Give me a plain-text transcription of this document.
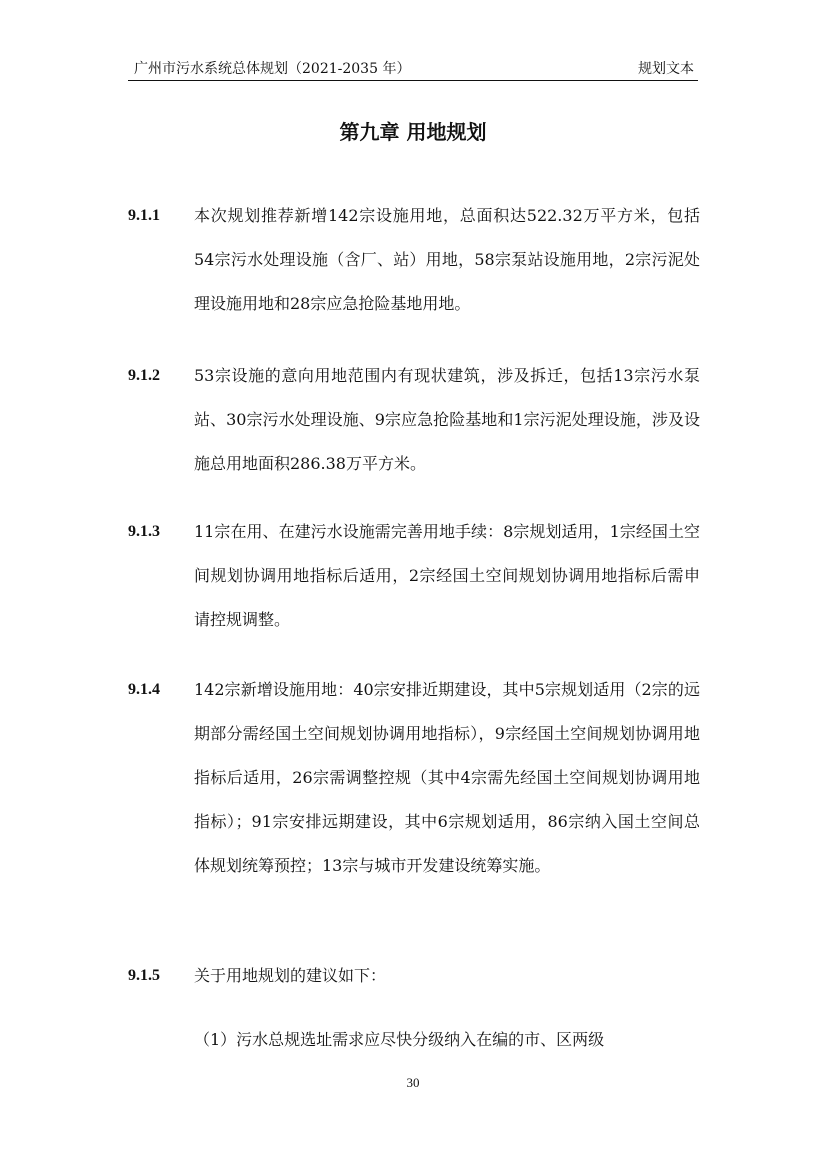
广州市污水系统总体规划（2021-2035 年）	规划文本
第九章 用地规划
9.1.1 本次规划推荐新增142宗设施用地，总面积达522.32万平方米，包括54宗污水处理设施（含厂、站）用地，58宗泵站设施用地，2宗污泥处理设施用地和28宗应急抢险基地用地。
9.1.2 53宗设施的意向用地范围内有现状建筑，涉及拆迁，包括13宗污水泵站、30宗污水处理设施、9宗应急抢险基地和1宗污泥处理设施，涉及设施总用地面积286.38万平方米。
9.1.3 11宗在用、在建污水设施需完善用地手续：8宗规划适用，1宗经国土空间规划协调用地指标后适用，2宗经国土空间规划协调用地指标后需申请控规调整。
9.1.4 142宗新增设施用地：40宗安排近期建设，其中5宗规划适用（2宗的远期部分需经国土空间规划协调用地指标），9宗经国土空间规划协调用地指标后适用，26宗需调整控规（其中4宗需先经国土空间规划协调用地指标）；91宗安排远期建设，其中6宗规划适用，86宗纳入国土空间总体规划统筹预控；13宗与城市开发建设统筹实施。
9.1.5 关于用地规划的建议如下：
（1）污水总规选址需求应尽快分级纳入在编的市、区两级
30
